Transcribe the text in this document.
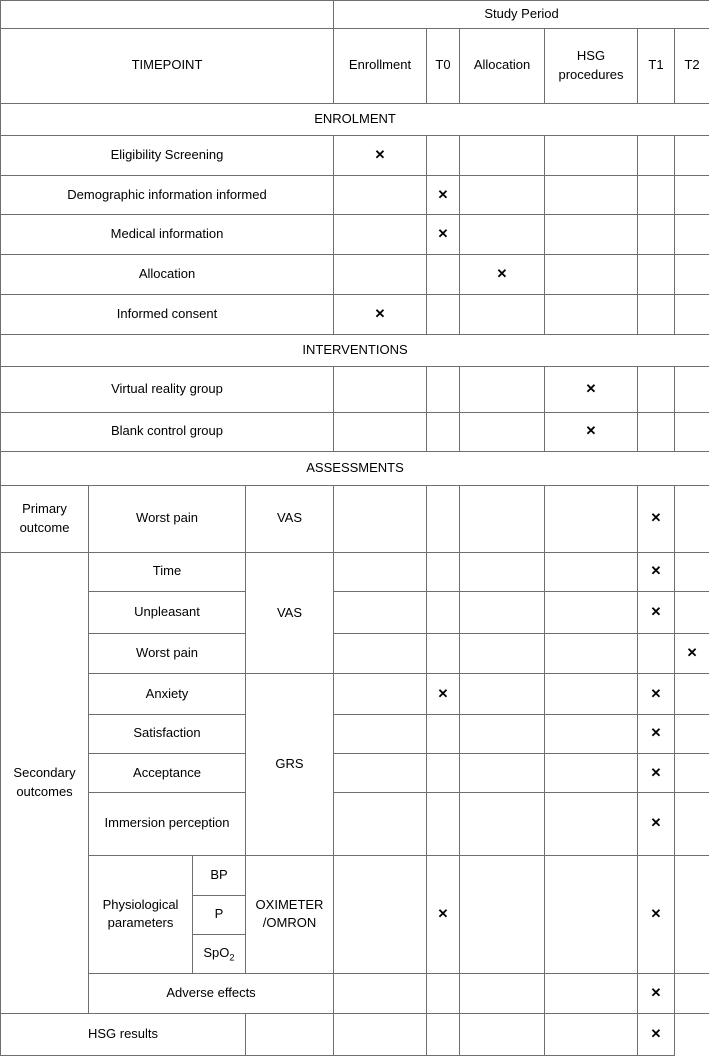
				Study Period					
TIMEPOINT				Enrollment	T0	Allocation	HSG procedures	T1	T2
ENROLMENT									
Eligibility Screening				✕					
Demographic information informed					✕				
Medical information					✕				
Allocation						✕			
Informed consent				✕					
INTERVENTIONS									
Virtual reality group							✕		
Blank control group							✕		
ASSESSMENTS									
Primary outcome	Worst pain		VAS					✕	
Secondary outcomes	Time		VAS					✕	
	Unpleasant							✕	
	Worst pain								✕
	Anxiety		GRS		✕			✕	
	Satisfaction							✕	
	Acceptance							✕	
	Immersion perception							✕	
	Physiological parameters	BP	OXIMETER /OMRON		✕			✕	
		P							
		SpO$_2$
	Adverse effects							✕	
HSG results								✕	
